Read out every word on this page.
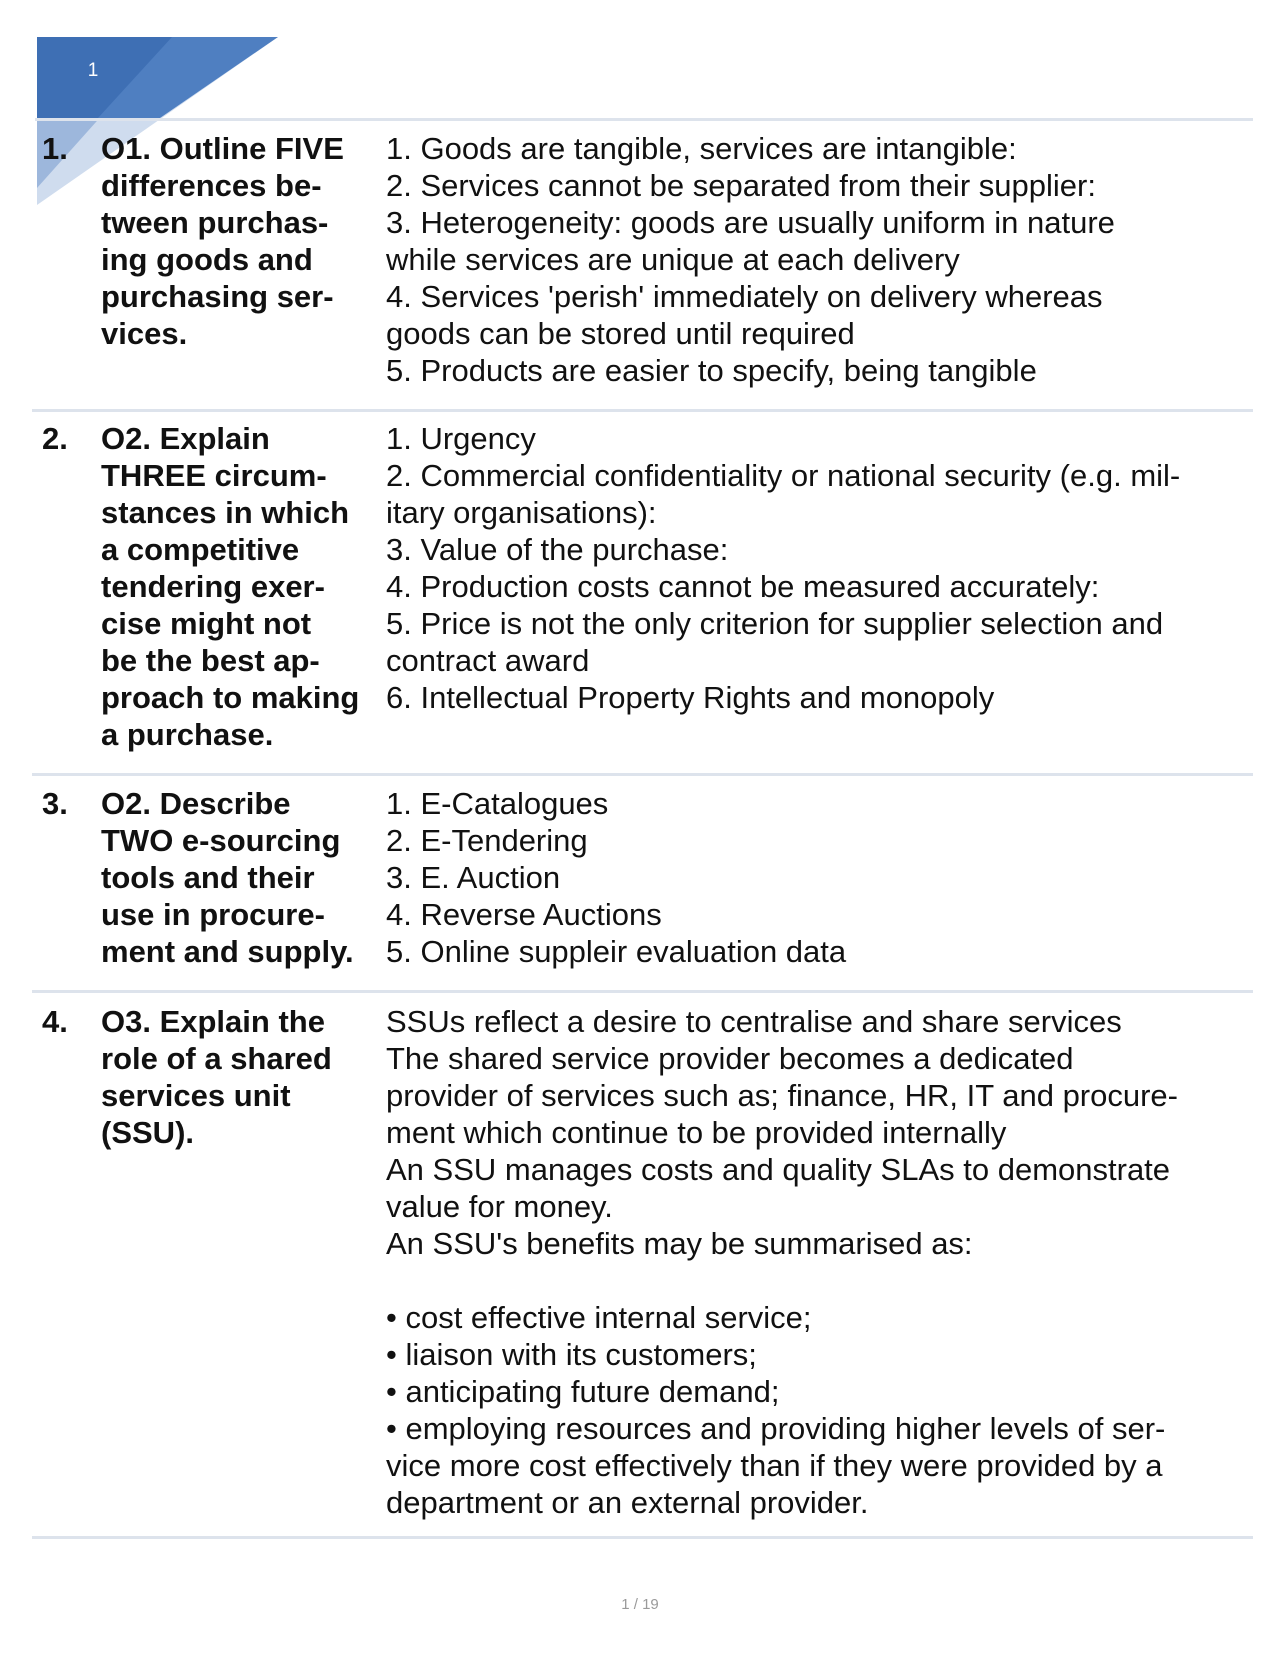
1
1. O1. Outline FIVE
differences be-
tween purchas-
ing goods and
purchasing ser-
vices.
1. Goods are tangible, services are intangible:
2. Services cannot be separated from their supplier:
3. Heterogeneity: goods are usually uniform in nature
while services are unique at each delivery
4. Services 'perish' immediately on delivery whereas
goods can be stored until required
5. Products are easier to specify, being tangible
2. O2. Explain
THREE circum-
stances in which
a competitive
tendering exer-
cise might not
be the best ap-
proach to making
a purchase.
1. Urgency
2. Commercial confidentiality or national security (e.g. mil-
itary organisations):
3. Value of the purchase:
4. Production costs cannot be measured accurately:
5. Price is not the only criterion for supplier selection and
contract award
6. Intellectual Property Rights and monopoly
3. O2. Describe
TWO e-sourcing
tools and their
use in procure-
ment and supply.
1. E-Catalogues
2. E-Tendering
3. E. Auction
4. Reverse Auctions
5. Online suppleir evaluation data
4. O3. Explain the
role of a shared
services unit
(SSU).
SSUs reflect a desire to centralise and share services
The shared service provider becomes a dedicated
provider of services such as; finance, HR, IT and procure-
ment which continue to be provided internally
An SSU manages costs and quality SLAs to demonstrate
value for money.
An SSU's benefits may be summarised as:

• cost effective internal service;
• liaison with its customers;
• anticipating future demand;
• employing resources and providing higher levels of ser-
vice more cost effectively than if they were provided by a
department or an external provider.
1 / 19
